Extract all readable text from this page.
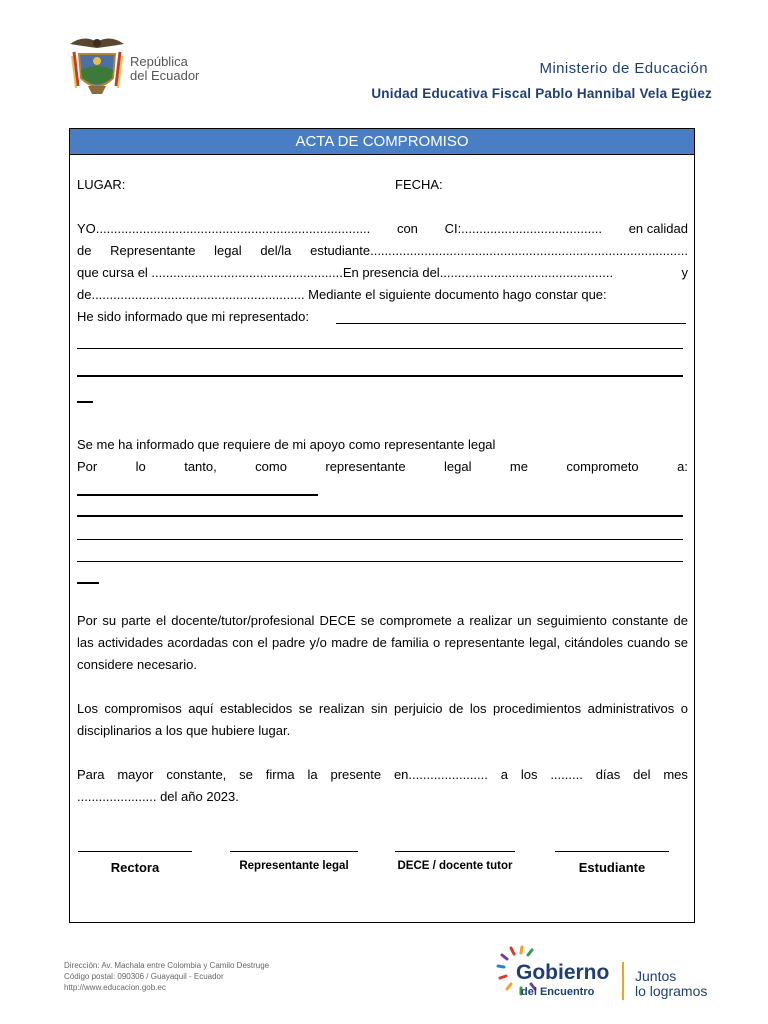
República
del Ecuador	Ministerio de Educación
Unidad Educativa Fiscal Pablo Hannibal Vela Egüez
ACTA DE COMPROMISO
LUGAR:	FECHA:
YO............................................................................ con CI:....................................... en calidad
de Representante legal del/la estudiante........................................................................................
que cursa el .....................................................En presencia del................................................	y
de........................................................... Mediante el siguiente documento hago constar que:
He sido informado que mi representado:
Se me ha informado que requiere de mi apoyo como representante legal
Por	lo	tanto,	como	representante	legal	me	comprometo	a:
Por su parte el docente/tutor/profesional DECE se compromete a realizar un seguimiento constante de las actividades acordadas con el padre y/o madre de familia o representante legal, citándoles cuando se considere necesario.
Los compromisos aquí establecidos se realizan sin perjuicio de los procedimientos administrativos o disciplinarios a los que hubiere lugar.
Para mayor constante, se firma la presente en...................... a los ......... días del mes
...................... del año 2023.
Rectora	Representante legal	DECE / docente tutor	Estudiante
Dirección: Av. Machala entre Colombia y Camilo Destruge
Código postal: 090306 / Guayaquil - Ecuador
http://www.educacion.gob.ec
Gobierno
del Encuentro
Juntos
lo logramos
